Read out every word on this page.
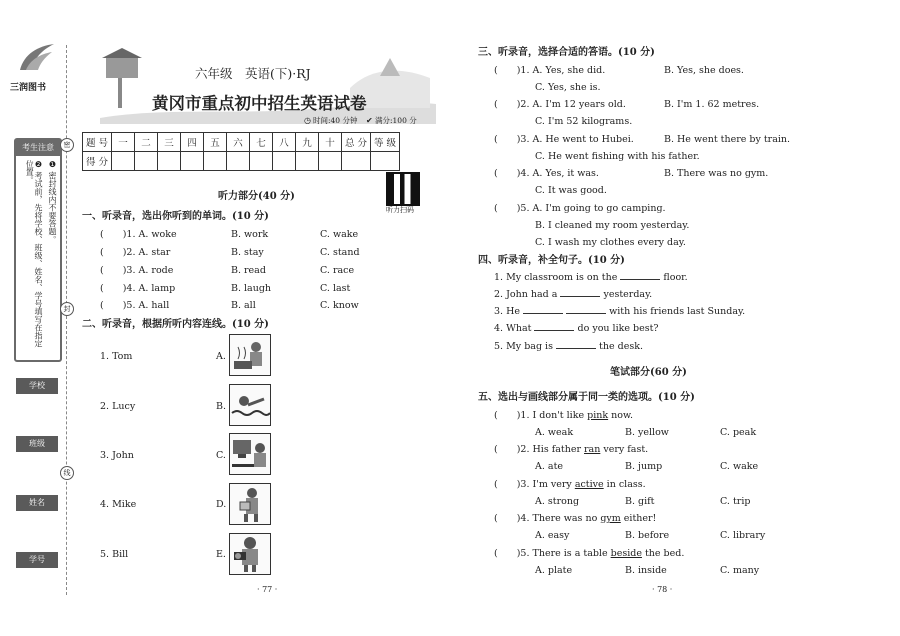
三润图书
考生注意
❶ 密封线内不要答题。
❷ 考试前，先将学校、班级、姓名、学号填写在指定位置。
学校
班级
姓名
学号
密
封
线
六年级　英语(下)·RJ
黄冈市重点初中招生英语试卷
◷ 时间:40 分钟 ✔ 满分:100 分
题 号	一	二	三	四	五	六	七	八	九	十	总 分	等 级
得 分												
听力扫码
听力部分(40 分)
一、听录音，选出你听到的单词。(10 分)
(　　)1. A. woke	B. work	C. wake
(　　)2. A. star	B. stay	C. stand
(　　)3. A. rode	B. read	C. race
(　　)4. A. lamp	B. laugh	C. last
(　　)5. A. hall	B. all	C. know
二、听录音，根据所听内容连线。(10 分)
1. Tom
2. Lucy
3. John
4. Mike
5. Bill
A.
B.
C.
D.
E.
· 77 ·
三、听录音，选择合适的答语。(10 分)
(　　)1. A. Yes, she did.	B. Yes, she does.
C. Yes, she is.
(　　)2. A. I'm 12 years old.	B. I'm 1. 62 metres.
C. I'm 52 kilograms.
(　　)3. A. He went to Hubei.	B. He went there by train.
C. He went fishing with his father.
(　　)4. A. Yes, it was.	B. There was no gym.
C. It was good.
(　　)5. A. I'm going to go camping.
B. I cleaned my room yesterday.
C. I wash my clothes every day.
四、听录音，补全句子。(10 分)
1. My classroom is on the	floor.
2. John had a	yesterday.
3. He	with his friends last Sunday.
4. What	do you like best?
5. My bag is	the desk.
笔试部分(60 分)
五、选出与画线部分属于同一类的选项。(10 分)
(　　)1. I don't like pink now.
A. weak	B. yellow	C. peak
(　　)2. His father ran very fast.
A. ate	B. jump	C. wake
(　　)3. I'm very active in class.
A. strong	B. gift	C. trip
(　　)4. There was no gym either!
A. easy	B. before	C. library
(　　)5. There is a table beside the bed.
A. plate	B. inside	C. many
· 78 ·
